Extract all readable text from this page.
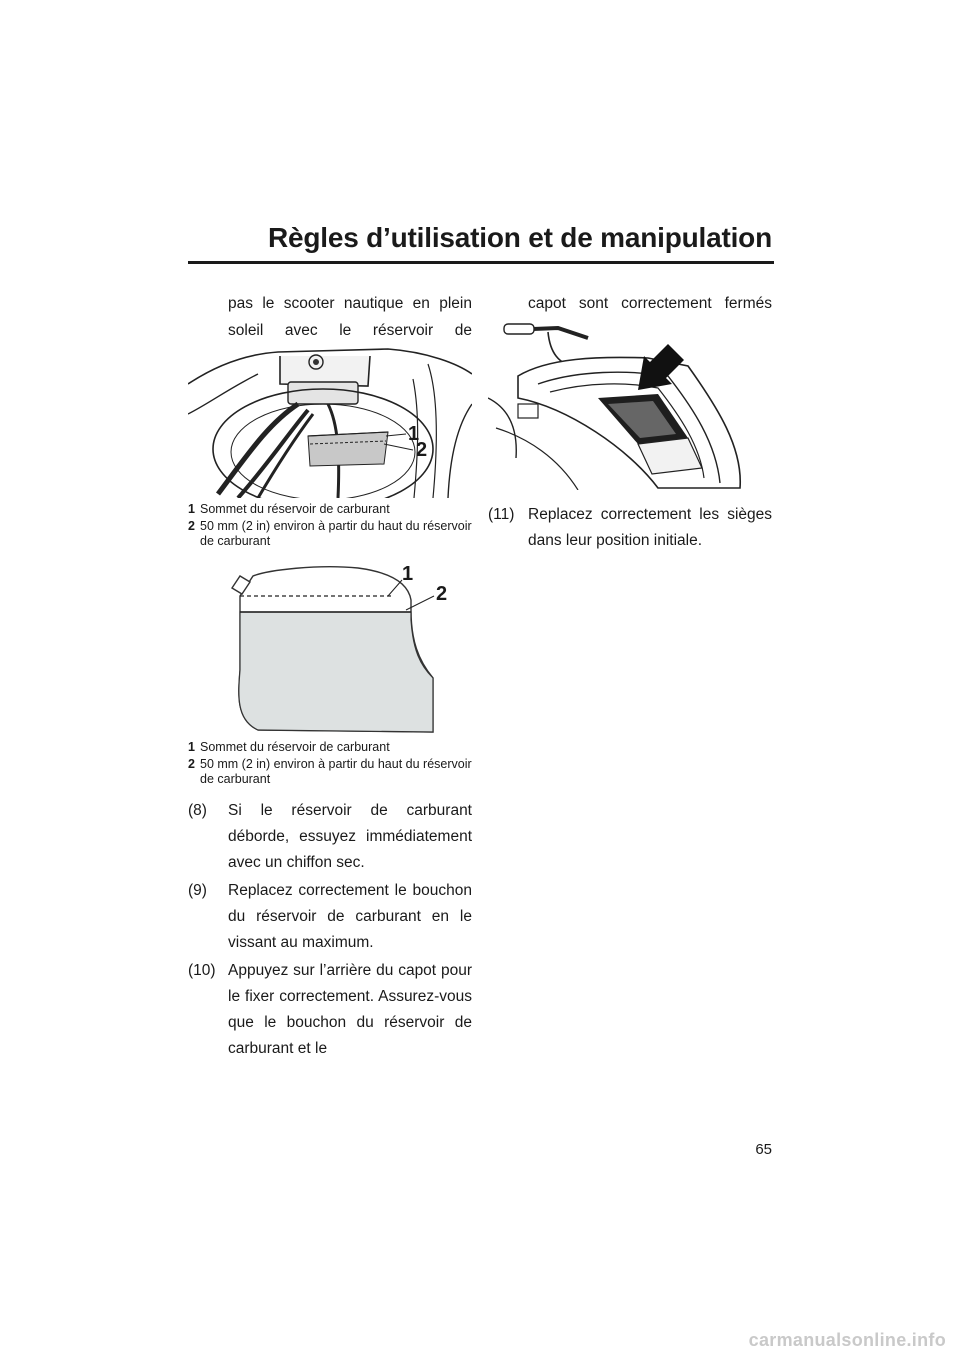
Règles d’utilisation et de manipulation

pas le scooter nautique en plein soleil avec le réservoir de

1
2
1 Sommet du réservoir de carburant
2 50 mm (2 in) environ à partir du haut du réservoir de carburant
1
2
1 Sommet du réservoir de carburant
2 50 mm (2 in) environ à partir du haut du réservoir de carburant
(8)	Si le réservoir de carburant déborde, essuyez immédiatement avec un chiffon sec.
(9)	Replacez correctement le bouchon du réservoir de carburant en le vissant au maximum.
(10) Appuyez sur l’arrière du capot pour le fixer correctement. Assurez-vous que le bouchon du réservoir de carburant et le

capot sont correctement fermés

(11) Replacez correctement les sièges dans leur position initiale.
65
carmanualsonline.info
